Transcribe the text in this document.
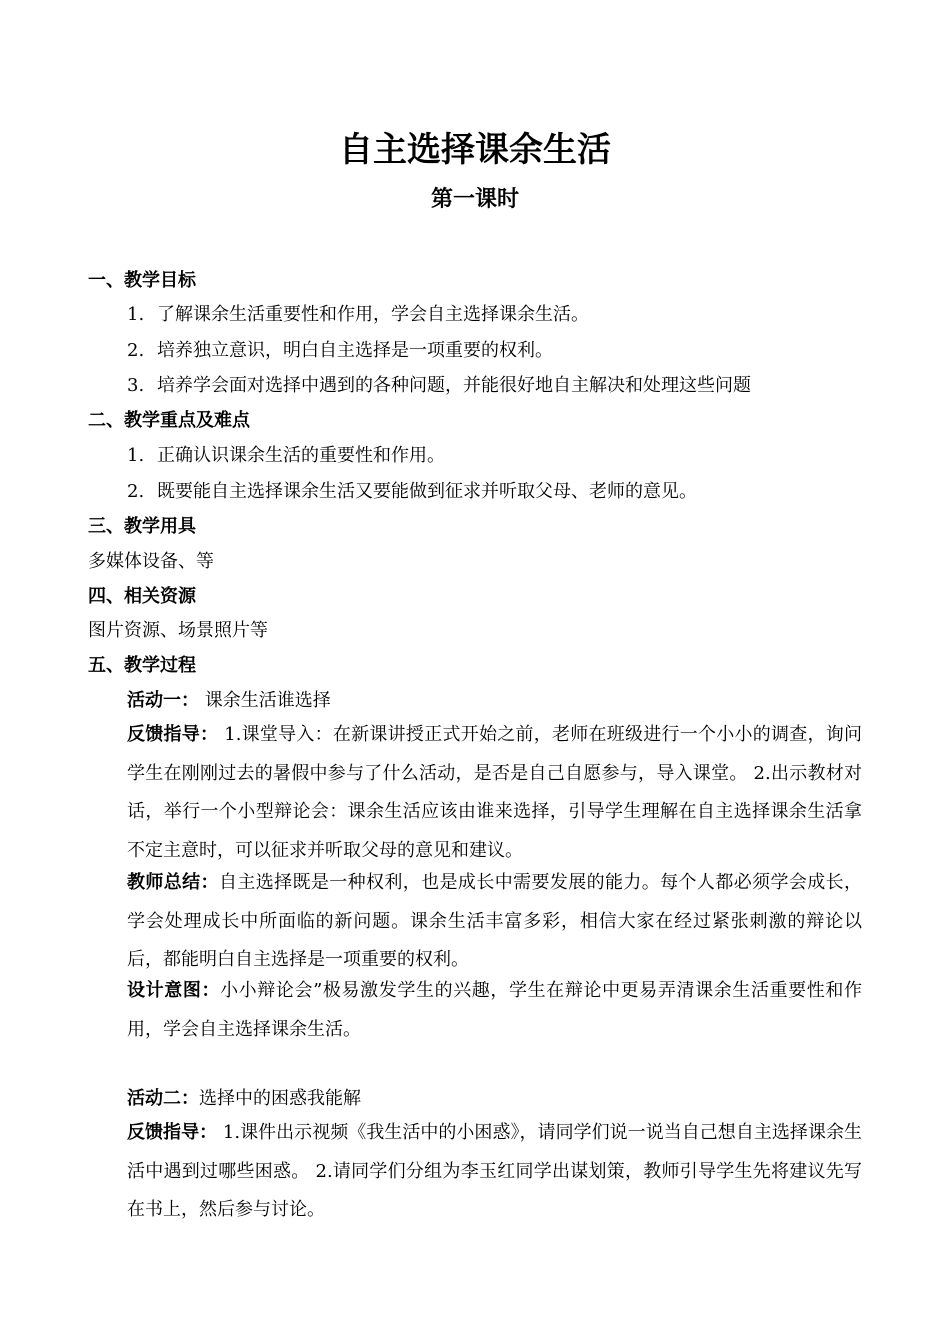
自主选择课余生活
第一课时
一、教学目标
1. 了解课余生活重要性和作用，学会自主选择课余生活。
2. 培养独立意识，明白自主选择是一项重要的权利。
3. 培养学会面对选择中遇到的各种问题，并能很好地自主解决和处理这些问题
二、教学重点及难点
1. 正确认识课余生活的重要性和作用。
2. 既要能自主选择课余生活又要能做到征求并听取父母、老师的意见。
三、教学用具
多媒体设备、等
四、相关资源
图片资源、场景照片等
五、教学过程
活动一： 课余生活谁选择
反馈指导： 1.课堂导入：在新课讲授正式开始之前，老师在班级进行一个小小的调查，询问学生在刚刚过去的暑假中参与了什么活动，是否是自己自愿参与，导入课堂。 2.出示教材对话，举行一个小型辩论会：课余生活应该由谁来选择，引导学生理解在自主选择课余生活拿不定主意时，可以征求并听取父母的意见和建议。
教师总结：自主选择既是一种权利，也是成长中需要发展的能力。每个人都必须学会成长，学会处理成长中所面临的新问题。课余生活丰富多彩，相信大家在经过紧张刺激的辩论以后，都能明白自主选择是一项重要的权利。
设计意图：小小辩论会”极易激发学生的兴趣，学生在辩论中更易弄清课余生活重要性和作用，学会自主选择课余生活。
活动二：选择中的困惑我能解
反馈指导： 1.课件出示视频《我生活中的小困惑》，请同学们说一说当自己想自主选择课余生活中遇到过哪些困惑。 2.请同学们分组为李玉红同学出谋划策，教师引导学生先将建议先写在书上，然后参与讨论。
